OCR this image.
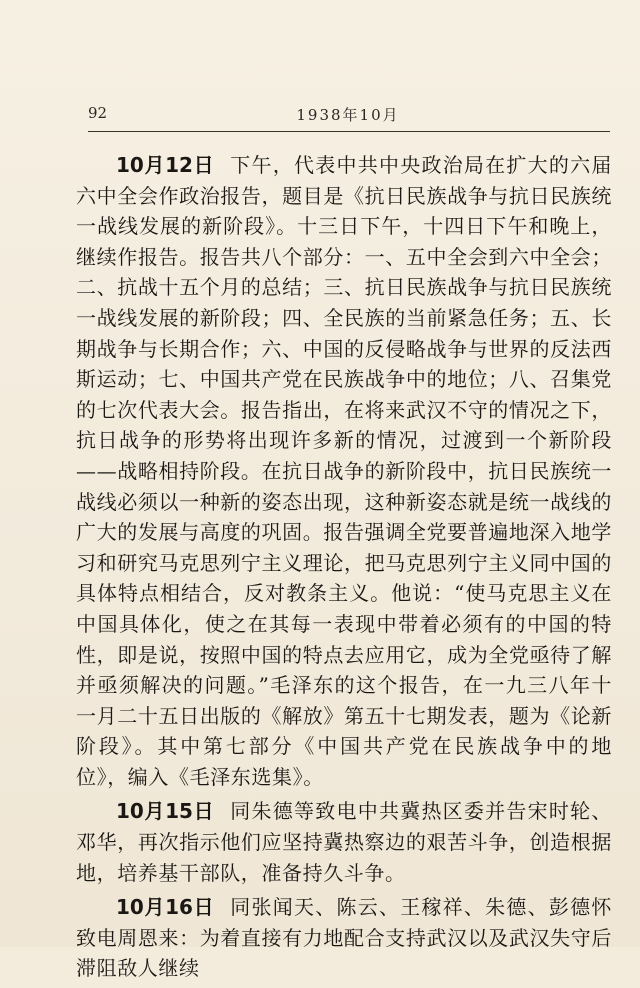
92	1938年10月

10月12日 下午，代表中共中央政治局在扩大的六届六中全会作政治报告，题目是《抗日民族战争与抗日民族统一战线发展的新阶段》。十三日下午，十四日下午和晚上，继续作报告。报告共八个部分：一、五中全会到六中全会；二、抗战十五个月的总结；三、抗日民族战争与抗日民族统一战线发展的新阶段；四、全民族的当前紧急任务；五、长期战争与长期合作；六、中国的反侵略战争与世界的反法西斯运动；七、中国共产党在民族战争中的地位；八、召集党的七次代表大会。报告指出，在将来武汉不守的情况之下，抗日战争的形势将出现许多新的情况，过渡到一个新阶段——战略相持阶段。在抗日战争的新阶段中，抗日民族统一战线必须以一种新的姿态出现，这种新姿态就是统一战线的广大的发展与高度的巩固。报告强调全党要普遍地深入地学习和研究马克思列宁主义理论，把马克思列宁主义同中国的具体特点相结合，反对教条主义。他说：“使马克思主义在中国具体化，使之在其每一表现中带着必须有的中国的特性，即是说，按照中国的特点去应用它，成为全党亟待了解并亟须解决的问题。”毛泽东的这个报告，在一九三八年十一月二十五日出版的《解放》第五十七期发表，题为《论新阶段》。其中第七部分《中国共产党在民族战争中的地位》，编入《毛泽东选集》。

10月15日 同朱德等致电中共冀热区委并告宋时轮、邓华，再次指示他们应坚持冀热察边的艰苦斗争，创造根据地，培养基干部队，准备持久斗争。

10月16日 同张闻天、陈云、王稼祥、朱德、彭德怀致电周恩来：为着直接有力地配合支持武汉以及武汉失守后滞阻敌人继续
